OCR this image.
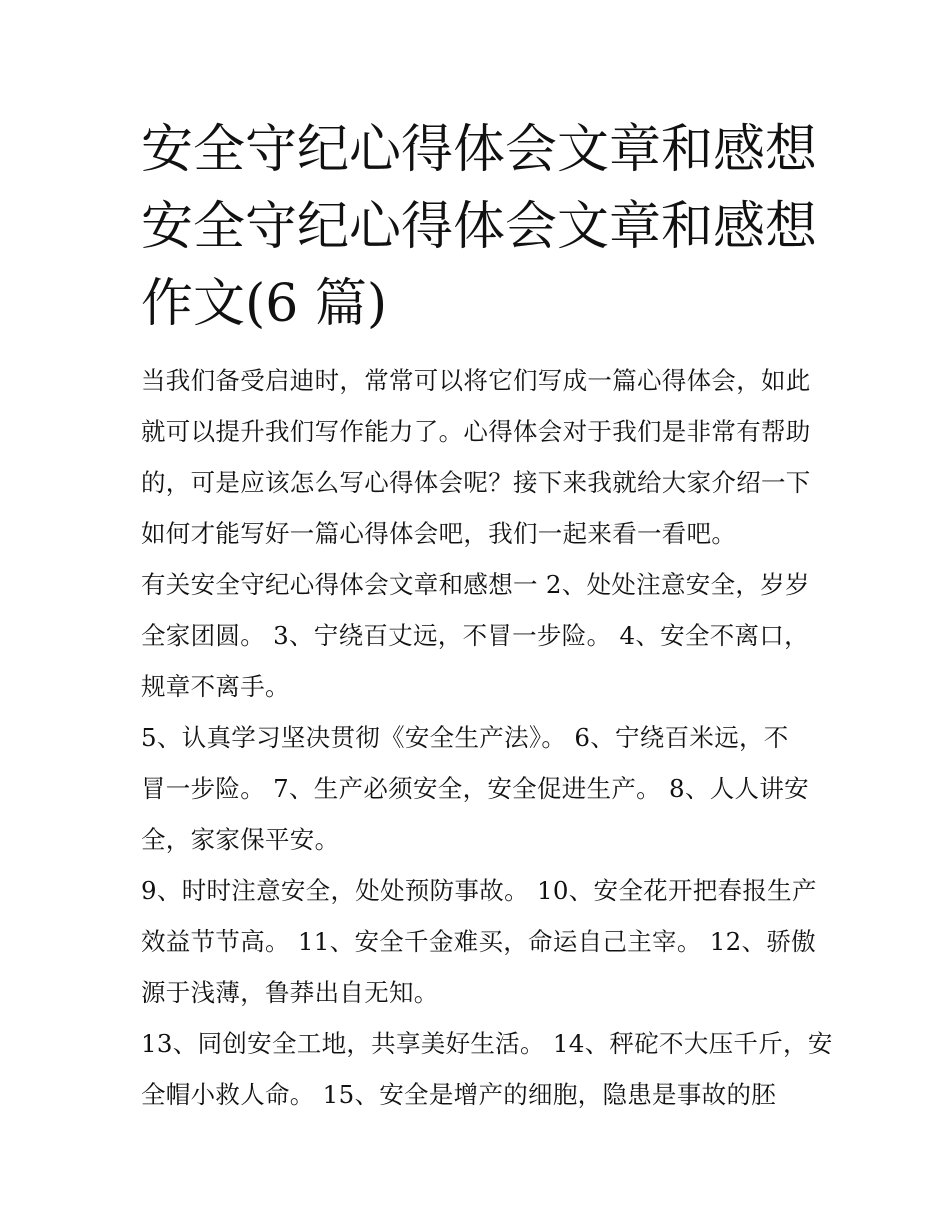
安全守纪心得体会文章和感想
安全守纪心得体会文章和感想
作文(6 篇)

当我们备受启迪时，常常可以将它们写成一篇心得体会，如此
就可以提升我们写作能力了。心得体会对于我们是非常有帮助
的，可是应该怎么写心得体会呢？接下来我就给大家介绍一下
如何才能写好一篇心得体会吧，我们一起来看一看吧。

有关安全守纪心得体会文章和感想一 2、处处注意安全，岁岁
全家团圆。 3、宁绕百丈远，不冒一步险。 4、安全不离口，
规章不离手。

5、认真学习坚决贯彻《安全生产法》。 6、宁绕百米远，不
冒一步险。 7、生产必须安全，安全促进生产。 8、人人讲安
全，家家保平安。

9、时时注意安全，处处预防事故。 10、安全花开把春报生产
效益节节高。 11、安全千金难买，命运自己主宰。 12、骄傲
源于浅薄，鲁莽出自无知。

13、同创安全工地，共享美好生活。 14、秤砣不大压千斤，安
全帽小救人命。 15、安全是增产的细胞，隐患是事故的胚
